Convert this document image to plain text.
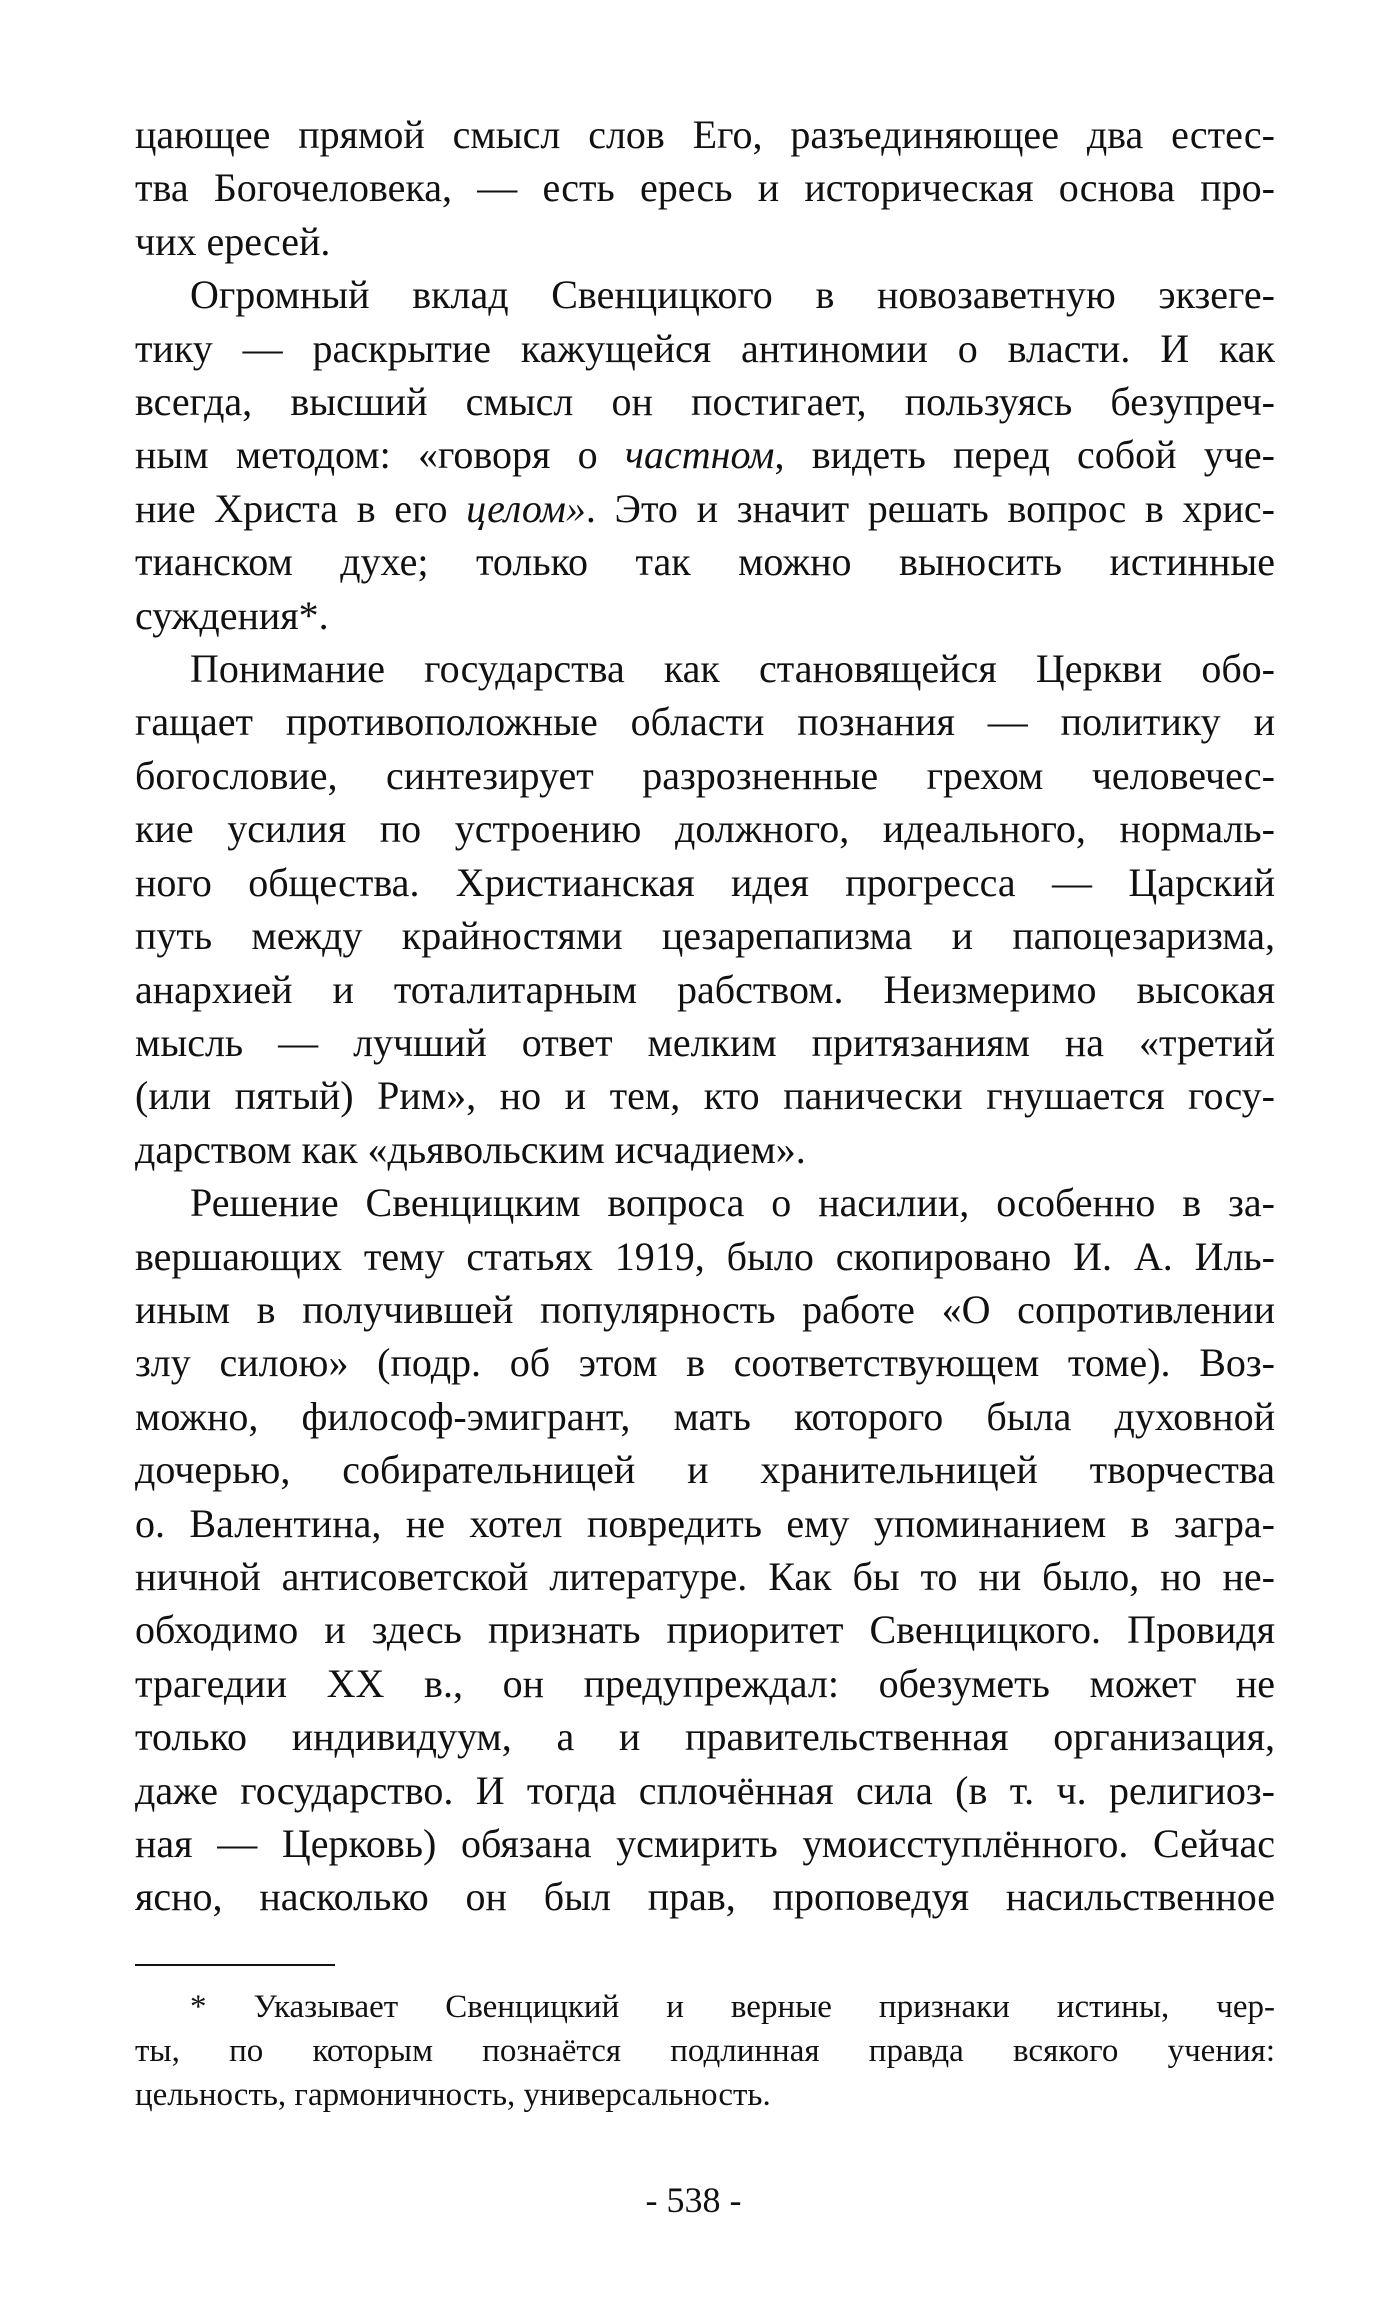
цающее прямой смысл слов Его, разъединяющее два естес-
тва Богочеловека, — есть ересь и историческая основа про-
чих ересей.

Огромный вклад Свенцицкого в новозаветную экзеге-
тику — раскрытие кажущейся антиномии о власти. И как
всегда, высший смысл он постигает, пользуясь безупреч-
ным методом: «говоря о частном, видеть перед собой уче-
ние Христа в его целом». Это и значит решать вопрос в хрис-
тианском духе; только так можно выносить истинные
суждения*.

Понимание государства как становящейся Церкви обо-
гащает противоположные области познания — политику и
богословие, синтезирует разрозненные грехом человечес-
кие усилия по устроению должного, идеального, нормаль-
ного общества. Христианская идея прогресса — Царский
путь между крайностями цезарепапизма и папоцезаризма,
анархией и тоталитарным рабством. Неизмеримо высокая
мысль — лучший ответ мелким притязаниям на «третий
(или пятый) Рим», но и тем, кто панически гнушается госу-
дарством как «дьявольским исчадием».

Решение Свенцицким вопроса о насилии, особенно в за-
вершающих тему статьях 1919, было скопировано И. А. Иль-
иным в получившей популярность работе «О сопротивлении
злу силою» (подр. об этом в соответствующем томе). Воз-
можно, философ-эмигрант, мать которого была духовной
дочерью, собирательницей и хранительницей творчества
о. Валентина, не хотел повредить ему упоминанием в загра-
ничной антисоветской литературе. Как бы то ни было, но не-
обходимо и здесь признать приоритет Свенцицкого. Провидя
трагедии XX в., он предупреждал: обезуметь может не
только индивидуум, а и правительственная организация,
даже государство. И тогда сплочённая сила (в т. ч. религиоз-
ная — Церковь) обязана усмирить умоисступлённого. Сейчас
ясно, насколько он был прав, проповедуя насильственное

* Указывает Свенцицкий и верные признаки истины, чер-
ты, по которым познаётся подлинная правда всякого учения:
цельность, гармоничность, универсальность.
- 538 -
